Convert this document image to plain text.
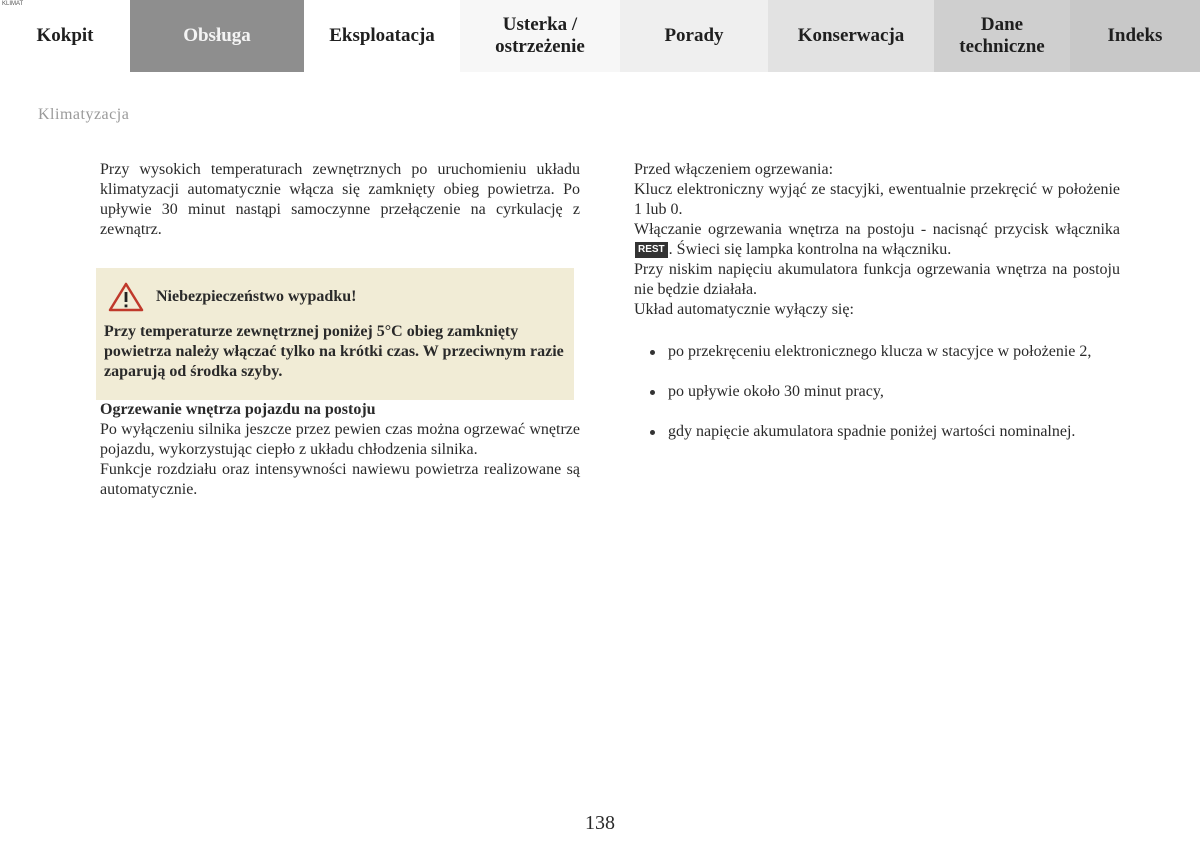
KLIMAT
Kokpit	Obsługa	Eksploatacja
Usterka / ostrzeżenie
Porady	Konserwacja
Dane techniczne
Indeks
Klimatyzacja

Przy wysokich temperaturach zewnętrznych po uruchomieniu układu klimatyzacji automatycznie włącza się zamknięty obieg powietrza. Po upływie 30 minut nastąpi samoczynne przełączenie na cyrkulację z zewnątrz.

Niebezpieczeństwo wypadku!

Przy temperaturze zewnętrznej poniżej 5°C obieg zamknięty powietrza należy włączać tylko na krótki czas. W przeciwnym razie zaparują od środka szyby.

Ogrzewanie wnętrza pojazdu na postoju

Po wyłączeniu silnika jeszcze przez pewien czas można ogrzewać wnętrze pojazdu, wykorzystując ciepło z układu chłodzenia silnika.

Funkcje rozdziału oraz intensywności nawiewu powietrza realizowane są automatycznie.

Przed włączeniem ogrzewania:
Klucz elektroniczny wyjąć ze stacyjki, ewentualnie przekręcić w położenie 1 lub 0.

Włączanie ogrzewania wnętrza na postoju - nacisnąć przycisk włącznika REST . Świeci się lampka kontrolna na włączniku.

Przy niskim napięciu akumulatora funkcja ogrzewania wnętrza na postoju nie będzie działała.

Układ automatycznie wyłączy się:

po przekręceniu elektronicznego klucza w stacyjce w położenie 2,
po upływie około 30 minut pracy,
gdy napięcie akumulatora spadnie poniżej wartości nominalnej.
138
